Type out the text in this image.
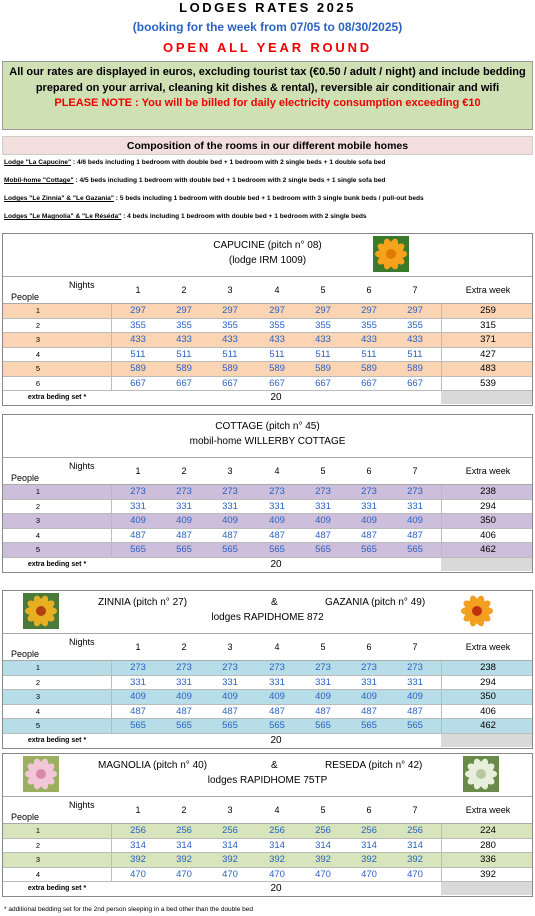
LODGES RATES 2025
(booking for the week from 07/05 to 08/30/2025)
OPEN ALL YEAR ROUND
All our rates are displayed in euros, excluding tourist tax (€0.50 / adult / night) and include bedding prepared on your arrival, cleaning kit dishes & rental), reversible air conditionair and wifi
PLEASE NOTE : You will be billed for daily electricity consumption exceeding €10
Composition of the rooms in our different mobile homes
Lodge "La Capucine" : 4/6 beds including 1 bedroom with double bed + 1 bedroom with 2 single beds + 1 double sofa bed
Mobil-home "Cottage" : 4/5 beds including 1 bedroom with double bed + 1 bedroom with 2 single beds + 1 single sofa bed
Lodges "Le Zinnia" & "Le Gazania" : 5 beds including 1 bedroom with double bed + 1 bedroom with 3 single bunk beds / pull-out beds
Lodges "Le Magnolia" & "Le Réséda" : 4 beds including 1 bedroom with double bed + 1 bedroom with 2 single beds
CAPUCINE (pitch n° 08)
(lodge IRM 1009)
Nights
People
1	2	3	4	5	6	7	Extra week
1	297	297	297	297	297	297	297	259
2	355	355	355	355	355	355	355	315
3	433	433	433	433	433	433	433	371
4	511	511	511	511	511	511	511	427
5	589	589	589	589	589	589	589	483
6	667	667	667	667	667	667	667	539
extra beding set *	20
COTTAGE (pitch n° 45)
mobil-home WILLERBY COTTAGE
Nights
People
1	2	3	4	5	6	7	Extra week
1	273	273	273	273	273	273	273	238
2	331	331	331	331	331	331	331	294
3	409	409	409	409	409	409	409	350
4	487	487	487	487	487	487	487	406
5	565	565	565	565	565	565	565	462
extra beding set *	20
ZINNIA (pitch n° 27)	&	GAZANIA (pitch n° 49)
lodges RAPIDHOME 872
Nights
People
1	2	3	4	5	6	7	Extra week
1	273	273	273	273	273	273	273	238
2	331	331	331	331	331	331	331	294
3	409	409	409	409	409	409	409	350
4	487	487	487	487	487	487	487	406
5	565	565	565	565	565	565	565	462
extra beding set *	20
MAGNOLIA (pitch n° 40)	&	RESEDA (pitch n° 42)
lodges RAPIDHOME 75TP
Nights
People
1	2	3	4	5	6	7	Extra week
1	256	256	256	256	256	256	256	224
2	314	314	314	314	314	314	314	280
3	392	392	392	392	392	392	392	336
4	470	470	470	470	470	470	470	392
extra beding set *	20
* additional bedding set for the 2nd person sleeping in a bed other than the double bed
